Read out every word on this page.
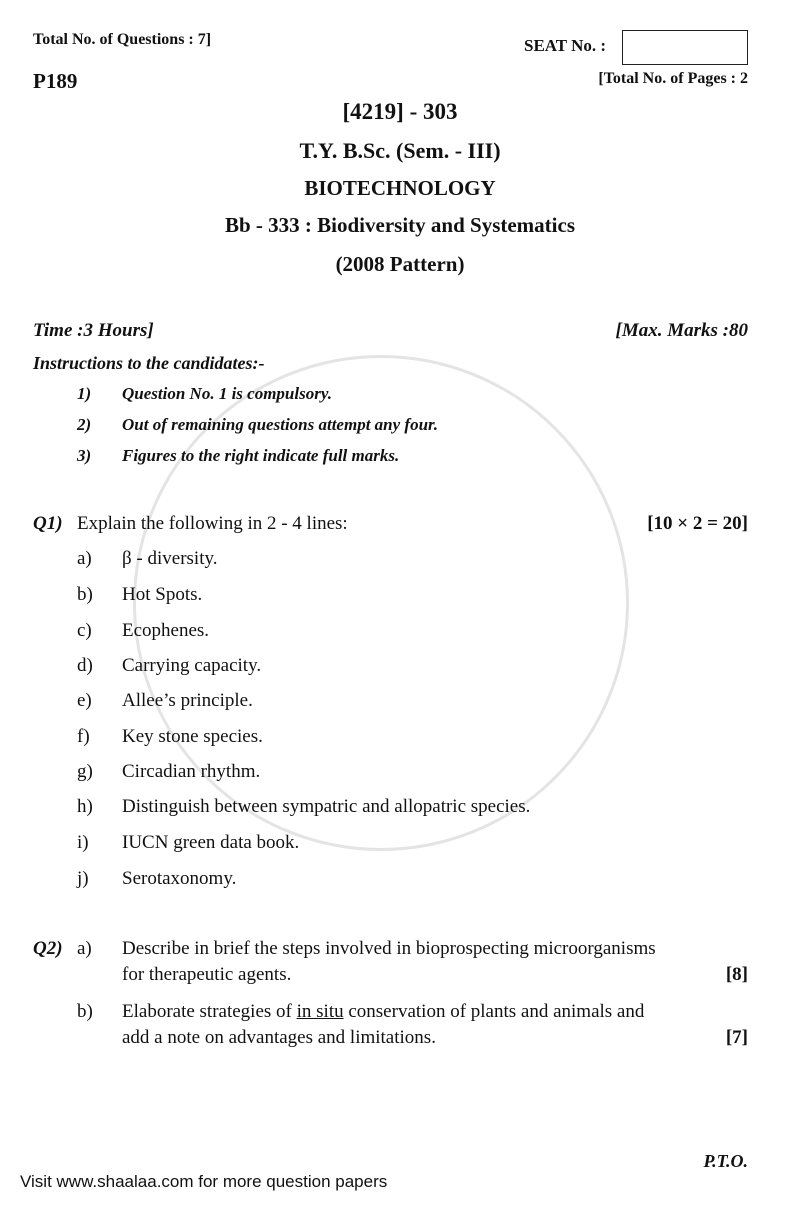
Total No. of Questions : 7]	SEAT No. :
P189	[Total No. of Pages : 2
[4219] - 303
T.Y. B.Sc. (Sem. - III)
BIOTECHNOLOGY
Bb - 333 : Biodiversity and Systematics
(2008 Pattern)
Time :3 Hours]	[Max. Marks :80
Instructions to the candidates:-
1) Question No. 1 is compulsory.
2) Out of remaining questions attempt any four.
3) Figures to the right indicate full marks.
Q1) Explain the following in 2 - 4 lines:	[10 × 2 = 20]
a) β - diversity.
b) Hot Spots.
c) Ecophenes.
d) Carrying capacity.
e) Allee’s principle.
f) Key stone species.
g) Circadian rhythm.
h) Distinguish between sympatric and allopatric species.
i) IUCN green data book.
j) Serotaxonomy.
Q2) a) Describe in brief the steps involved in bioprospecting microorganisms
for therapeutic agents.	[8]
b) Elaborate strategies of in situ conservation of plants and animals and
add a note on advantages and limitations.	[7]
P.T.O.
Visit www.shaalaa.com for more question papers
